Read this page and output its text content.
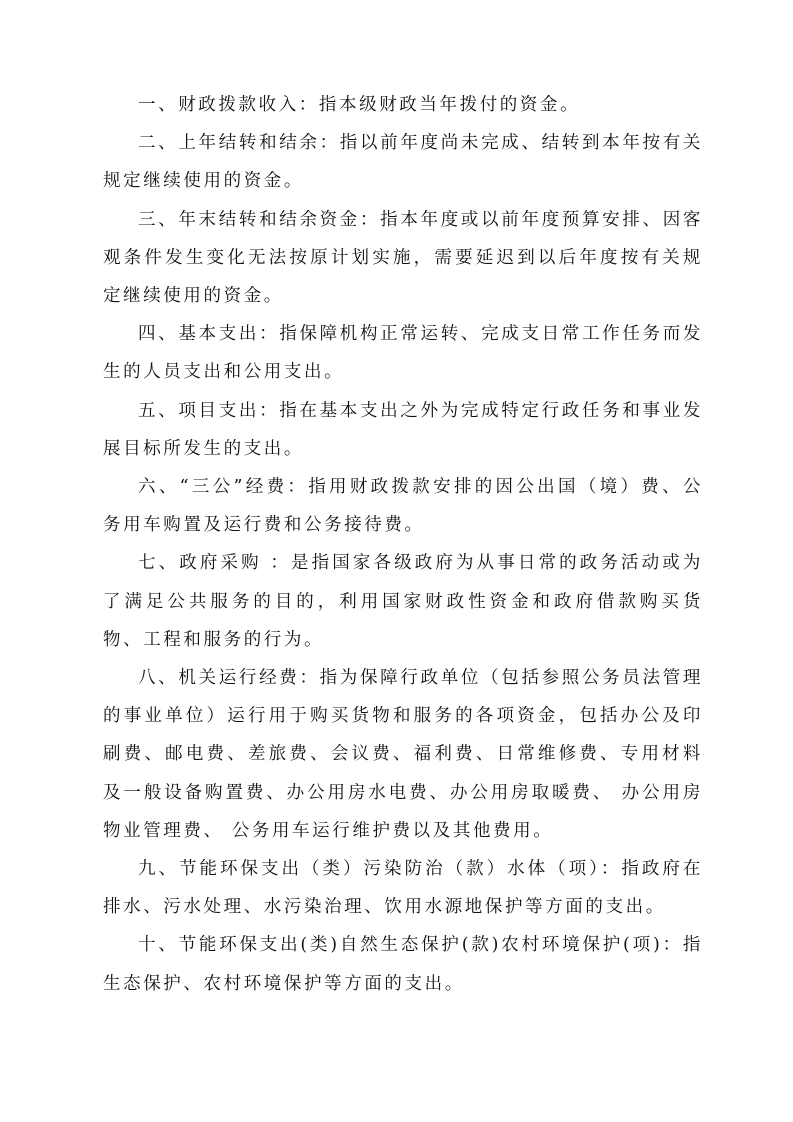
一、财政拨款收入：指本级财政当年拨付的资金。

二、上年结转和结余：指以前年度尚未完成、结转到本年按有关规定继续使用的资金。

三、年末结转和结余资金：指本年度或以前年度预算安排、因客观条件发生变化无法按原计划实施，需要延迟到以后年度按有关规定继续使用的资金。

四、基本支出：指保障机构正常运转、完成支日常工作任务而发生的人员支出和公用支出。

五、项目支出：指在基本支出之外为完成特定行政任务和事业发展目标所发生的支出。

六、“三公”经费：指用财政拨款安排的因公出国（境）费、公务用车购置及运行费和公务接待费。

七、政府采购 ：是指国家各级政府为从事日常的政务活动或为了满足公共服务的目的，利用国家财政性资金和政府借款购买货物、工程和服务的行为。

八、机关运行经费：指为保障行政单位（包括参照公务员法管理的事业单位）运行用于购买货物和服务的各项资金，包括办公及印刷费、邮电费、差旅费、会议费、福利费、日常维修费、专用材料及一般设备购置费、办公用房水电费、办公用房取暖费、 办公用房物业管理费、 公务用车运行维护费以及其他费用。

九、节能环保支出（类）污染防治（款）水体（项）：指政府在排水、污水处理、水污染治理、饮用水源地保护等方面的支出。

十、节能环保支出(类)自然生态保护(款)农村环境保护(项)：指生态保护、农村环境保护等方面的支出。
